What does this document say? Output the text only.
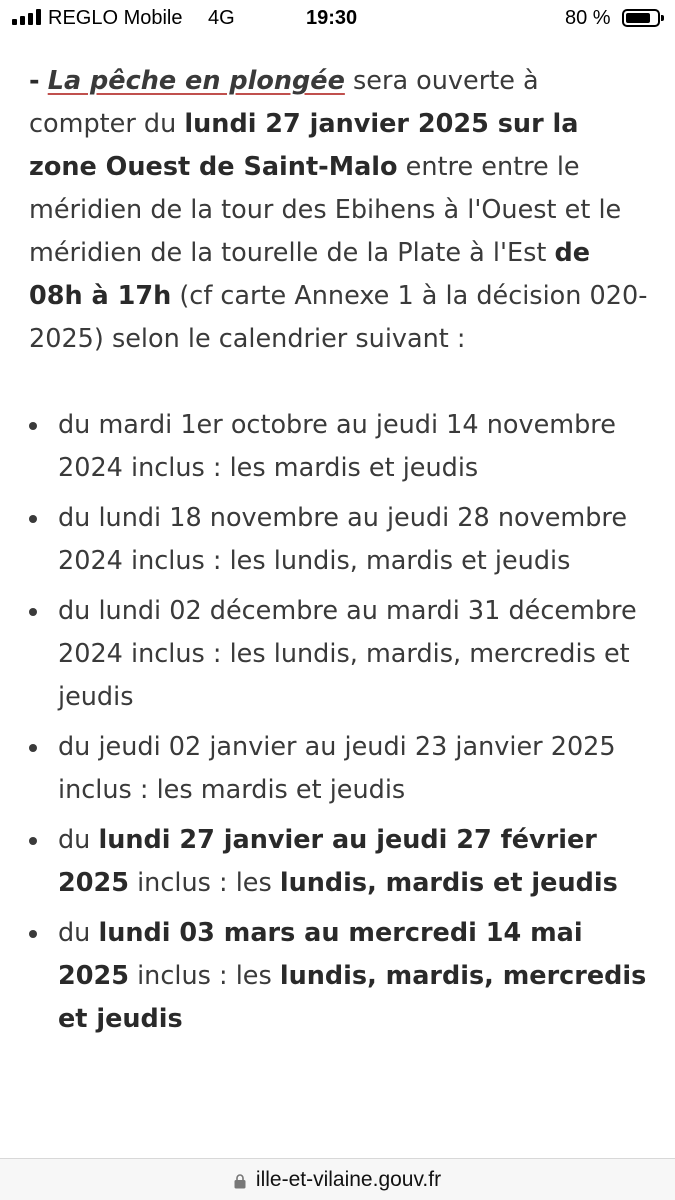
REGLO Mobile 4G	19:30	80 %

- La pêche en plongée sera ouverte à compter du lundi 27 janvier 2025 sur la zone Ouest de Saint-Malo entre entre le méridien de la tour des Ebihens à l'Ouest et le méridien de la tourelle de la Plate à l'Est de 08h à 17h (cf carte Annexe 1 à la décision 020-2025) selon le calendrier suivant :

du mardi 1er octobre au jeudi 14 novembre 2024 inclus : les mardis et jeudis
du lundi 18 novembre au jeudi 28 novembre 2024 inclus : les lundis, mardis et jeudis
du lundi 02 décembre au mardi 31 décembre 2024 inclus : les lundis, mardis, mercredis et jeudis
du jeudi 02 janvier au jeudi 23 janvier 2025 inclus : les mardis et jeudis
du lundi 27 janvier au jeudi 27 février 2025 inclus : les lundis, mardis et jeudis
du lundi 03 mars au mercredi 14 mai 2025 inclus : les lundis, mardis, mercredis et jeudis
ille-et-vilaine.gouv.fr
